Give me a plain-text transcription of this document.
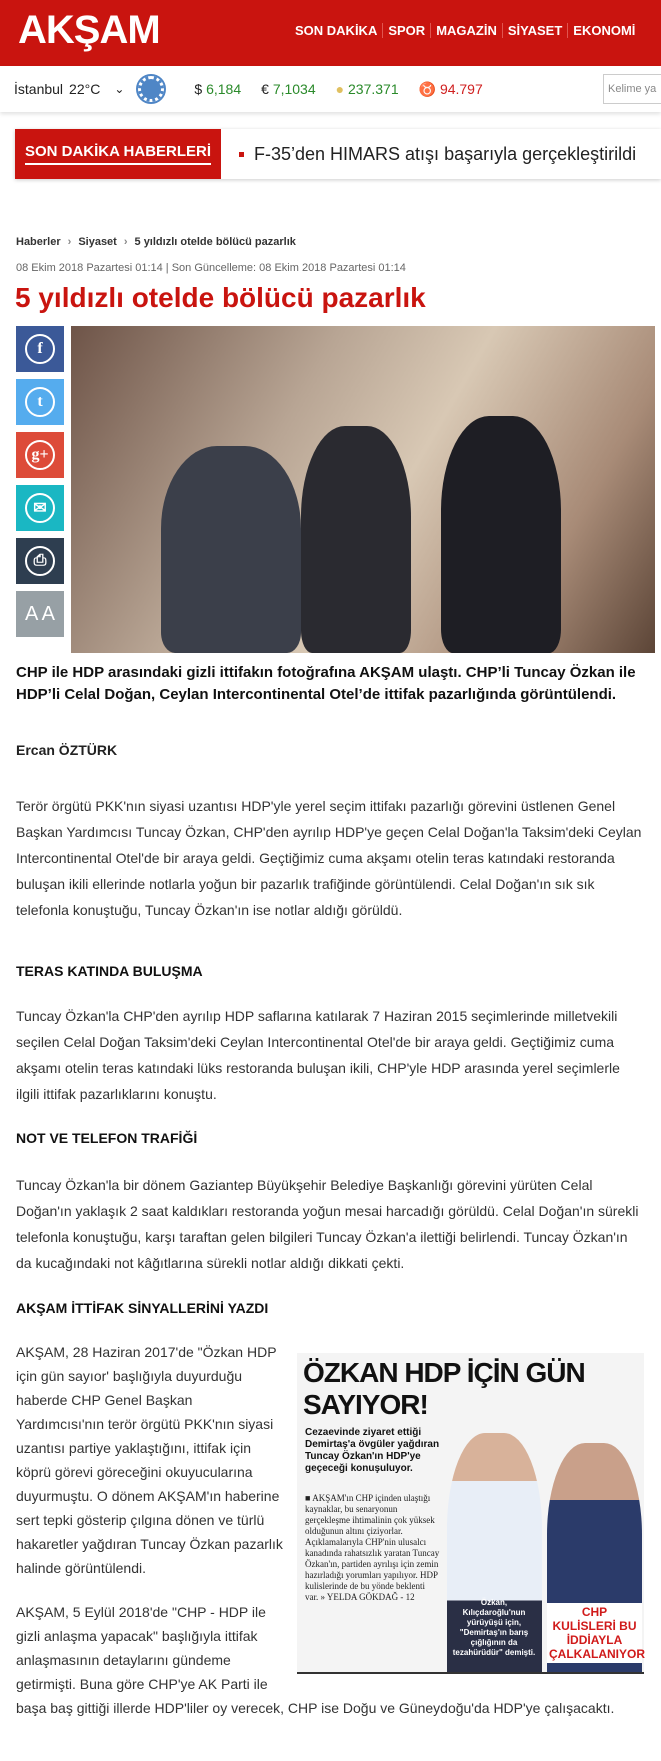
AKŞAM	SON DAKİKA SPOR MAGAZİN SİYASET EKONOMİ
İstanbul 22°C ⌄	$ 6,184 € 7,1034 ● 237.371 ♉ 94.797	Kelime ya
SON DAKİKA HABERLERİ	F-35’den HIMARS atışı başarıyla gerçekleştirildi
Haberler › Siyaset › 5 yıldızlı otelde bölücü pazarlık
08 Ekim 2018 Pazartesi 01:14 | Son Güncelleme: 08 Ekim 2018 Pazartesi 01:14
5 yıldızlı otelde bölücü pazarlık
f
t
g+
✉
⎙
A A
CHP ile HDP arasındaki gizli ittifakın fotoğrafına AKŞAM ulaştı. CHP’li Tuncay Özkan ile HDP’li Celal Doğan, Ceylan Intercontinental Otel’de ittifak pazarlığında görüntülendi.
Ercan ÖZTÜRK

Terör örgütü PKK'nın siyasi uzantısı HDP'yle yerel seçim ittifakı pazarlığı görevini üstlenen Genel Başkan Yardımcısı Tuncay Özkan, CHP'den ayrılıp HDP'ye geçen Celal Doğan'la Taksim'deki Ceylan Intercontinental Otel'de bir araya geldi. Geçtiğimiz cuma akşamı otelin teras katındaki restoranda buluşan ikili ellerinde notlarla yoğun bir pazarlık trafiğinde görüntülendi. Celal Doğan'ın sık sık telefonla konuştuğu, Tuncay Özkan'ın ise notlar aldığı görüldü.

TERAS KATINDA BULUŞMA

Tuncay Özkan'la CHP'den ayrılıp HDP saflarına katılarak 7 Haziran 2015 seçimlerinde milletvekili seçilen Celal Doğan Taksim'deki Ceylan Intercontinental Otel'de bir araya geldi. Geçtiğimiz cuma akşamı otelin teras katındaki lüks restoranda buluşan ikili, CHP'yle HDP arasında yerel seçimlerle ilgili ittifak pazarlıklarını konuştu.

NOT VE TELEFON TRAFİĞİ

Tuncay Özkan'la bir dönem Gaziantep Büyükşehir Belediye Başkanlığı görevini yürüten Celal Doğan'ın yaklaşık 2 saat kaldıkları restoranda yoğun mesai harcadığı görüldü. Celal Doğan'ın sürekli telefonla konuştuğu, karşı taraftan gelen bilgileri Tuncay Özkan'a ilettiği belirlendi. Tuncay Özkan'ın da kucağındaki not kâğıtlarına sürekli notlar aldığı dikkati çekti.

AKŞAM İTTİFAK SİNYALLERİNİ YAZDI
ÖZKAN HDP İÇİN GÜN SAYIYOR!
Cezaevinde ziyaret ettiği Demirtaş'a övgüler yağdıran Tuncay Özkan'ın HDP'ye geçeceği konuşuluyor.
■ AKŞAM'ın CHP içinden ulaştığı kaynaklar, bu senaryonun gerçekleşme ihtimalinin çok yüksek olduğunun altını çiziyorlar. Açıklamalarıyla CHP'nin ulusalcı kanadında rahatsızlık yaratan Tuncay Özkan'ın, partiden ayrılışı için zemin hazırladığı yorumları yapılıyor. HDP kulislerinde de bu yönde beklenti var. » YELDA GÖKDAĞ - 12
Özkan, Kılıçdaroğlu'nun yürüyüşü için, "Demirtaş'ın barış çığlığının da tezahürüdür" demişti.
CHP KULİSLERİ BU İDDİAYLA ÇALKALANIYOR

AKŞAM, 28 Haziran 2017'de "Özkan HDP için gün sayıor' başlığıyla duyurduğu haberde CHP Genel Başkan Yardımcısı'nın terör örgütü PKK'nın siyasi uzantısı partiye yaklaştığını, ittifak için köprü görevi göreceğini okuyucularına duyurmuştu. O dönem AKŞAM'ın haberine sert tepki gösterip çılgına dönen ve türlü hakaretler yağdıran Tuncay Özkan pazarlık halinde görüntülendi.

AKŞAM, 5 Eylül 2018'de "CHP - HDP ile gizli anlaşma yapacak" başlığıyla ittifak anlaşmasının detaylarını gündeme getirmişti. Buna göre CHP'ye AK Parti ile başa baş gittiği illerde HDP'liler oy verecek, CHP ise Doğu ve Güneydoğu'da HDP'ye çalışacaktı.
